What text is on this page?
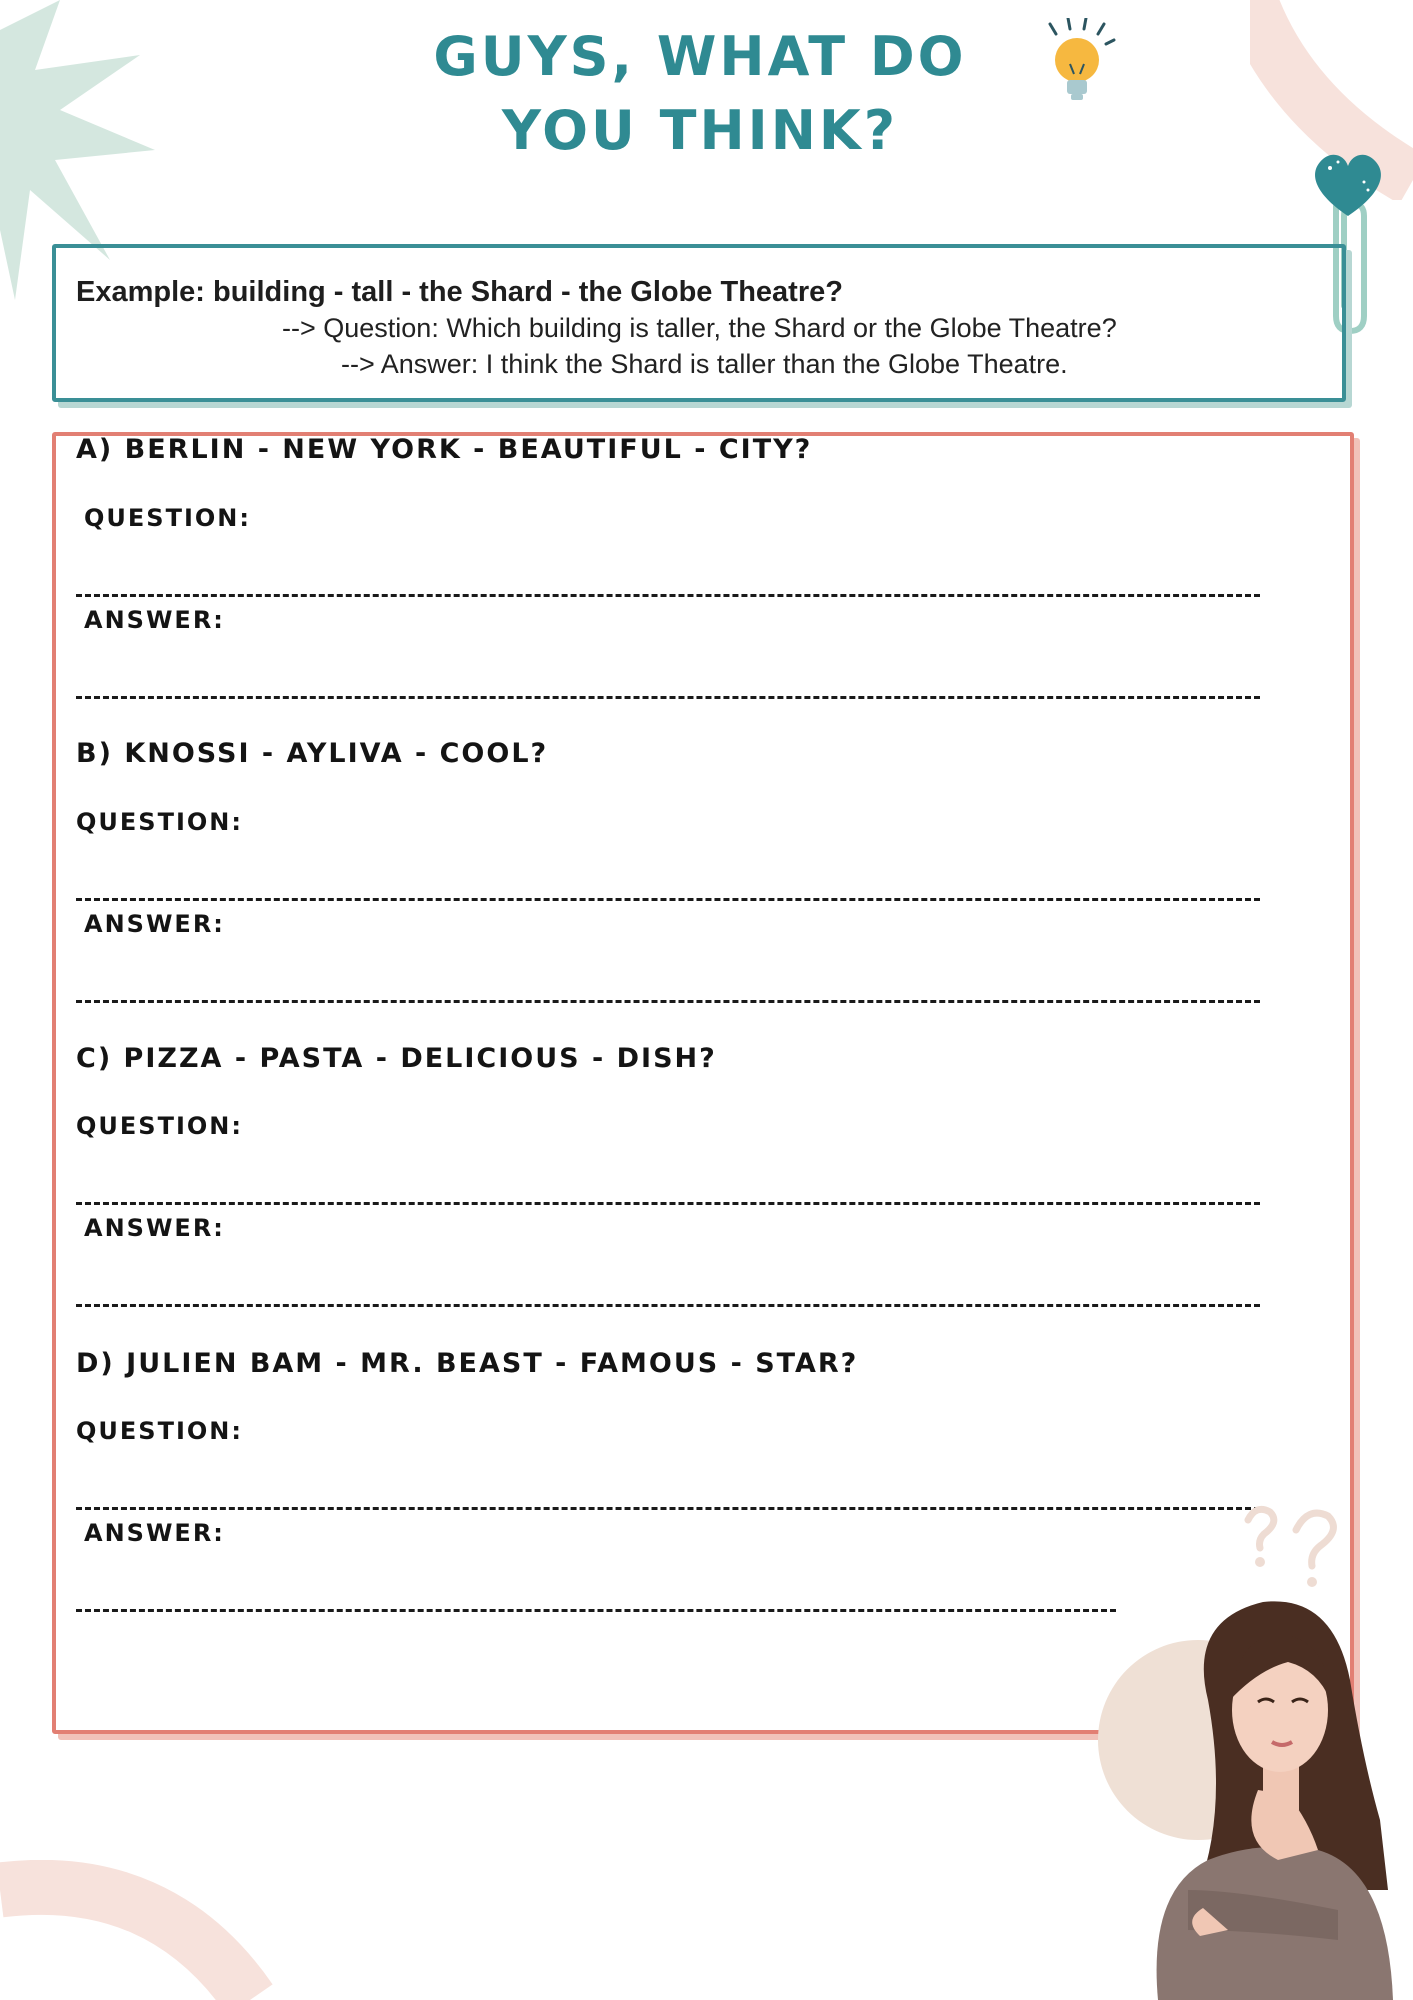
GUYS, WHAT DO YOU THINK?

Example: building - tall - the Shard - the Globe Theatre?

--> Question: Which building is taller, the Shard or the Globe Theatre?

--> Answer: I think the Shard is taller than the Globe Theatre.

A) BERLIN - NEW YORK - BEAUTIFUL - CITY?
QUESTION:
ANSWER:
B) KNOSSI - AYLIVA - COOL?
QUESTION:
ANSWER:
C) PIZZA - PASTA - DELICIOUS - DISH?
QUESTION:
ANSWER:
D) JULIEN BAM - MR. BEAST - FAMOUS - STAR?
QUESTION:
ANSWER:
